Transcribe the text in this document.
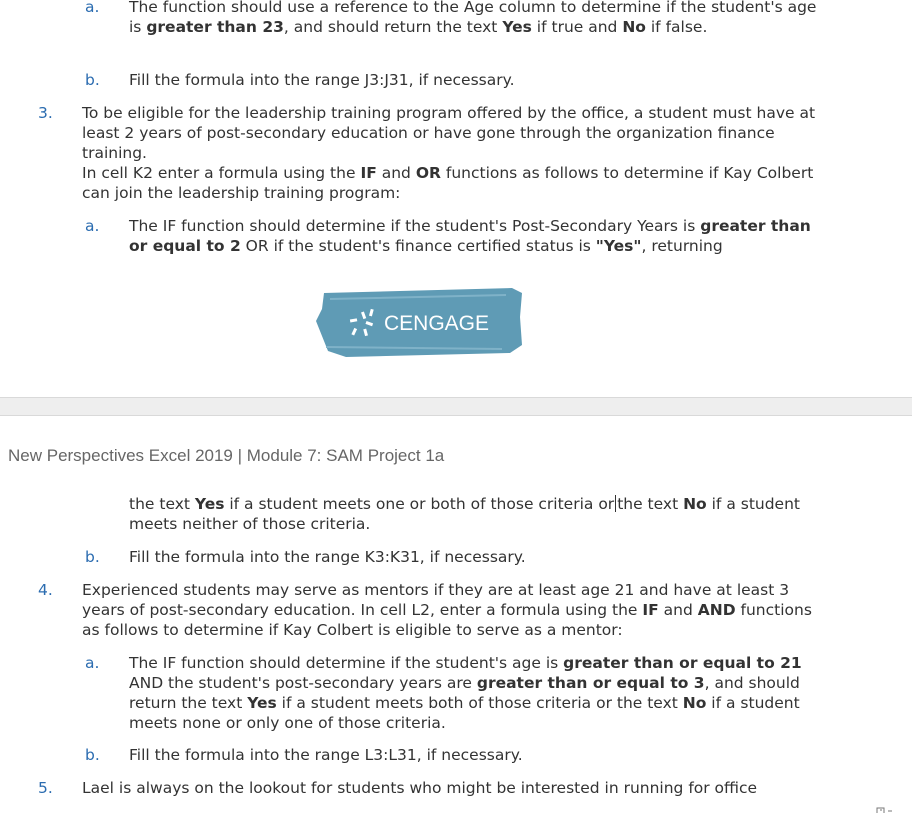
a. The function should use a reference to the Age column to determine if the student's age is greater than 23, and should return the text Yes if true and No if false.
b. Fill the formula into the range J3:J31, if necessary.
3. To be eligible for the leadership training program offered by the office, a student must have at least 2 years of post-secondary education or have gone through the organization finance training.
In cell K2 enter a formula using the IF and OR functions as follows to determine if Kay Colbert can join the leadership training program:
a. The IF function should determine if the student's Post-Secondary Years is greater than or equal to 2 OR if the student's finance certified status is "Yes", returning
CENGAGE
New Perspectives Excel 2019 | Module 7: SAM Project 1a
the text Yes if a student meets one or both of those criteria or the text No if a student meets neither of those criteria.
b. Fill the formula into the range K3:K31, if necessary.
4. Experienced students may serve as mentors if they are at least age 21 and have at least 3 years of post-secondary education. In cell L2, enter a formula using the IF and AND functions as follows to determine if Kay Colbert is eligible to serve as a mentor:
a. The IF function should determine if the student's age is greater than or equal to 21 AND the student's post-secondary years are greater than or equal to 3, and should return the text Yes if a student meets both of those criteria or the text No if a student meets none or only one of those criteria.
b. Fill the formula into the range L3:L31, if necessary.
5. Lael is always on the lookout for students who might be interested in running for office
